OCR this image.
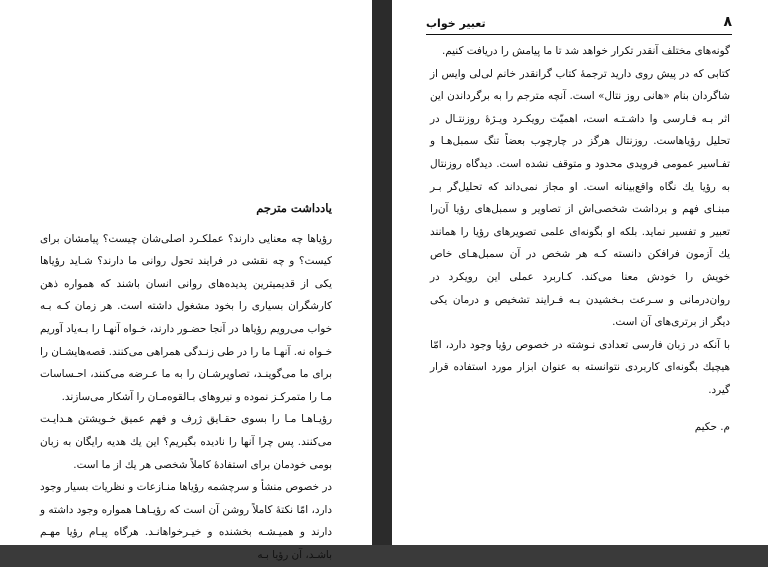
یادداشت مترجم

رؤیاها چه معنایی دارند؟ عملکـرد اصلی‌شان چیست؟ پیامشان برای کیست؟ و چه نقشی در فرایند تحول روانی ما دارند؟ شـاید رؤیاها یکی از قدیمیترین پدیده‌های روانی انسان باشند که همواره ذهن کارشگران بسیاری را بخود مشغول داشته است. هر زمان کـه بـه خواب می‌رویم رؤیاها در آنجا حضـور دارند، خـواه آنهـا را بـه‌یاد آوریم خـواه نه. آنهـا ما را در طی زنـدگی همراهی می‌کنند. قصه‌هایشـان را برای ما می‌گوینـد، تصاویرشـان را به ما عـرضه می‌کنند، احـساسات مـا را متمرکـز نموده و نیروهای بـالقوه‌مـان را آشکار می‌سازند.

رؤیـاهـا مـا را بسوی حقـایق ژرف و فهم عمیق خـویشتن هـدایـت می‌کنند. پس چرا آنها را نادیده بگیریم؟ این یك هدیه رایگان به زبان بومی خودمان برای استفادهٔ کاملاً شخصی هر یك از ما است.

در خصوص منشأ و سرچشمه رؤیاها منـازعات و نظریات بسیار وجود دارد، امّا نکتهٔ کاملاً روشن آن است که رؤیـاهـا همواره وجود داشته و دارند و همیـشـه بخشنده و خیـرخواهانـد. هرگاه پیـام رؤیا مهـم باشـد، آن رؤیا بـه

۸
تعبیر خواب

گونه‌های مختلف آنقدر تکرار خواهد شد تا ما پیامش را دریافت کنیم.

کتابی که در پیش روی دارید ترجمهٔ کتاب گرانقدر خانم لی‌لی وایس از شاگردان بنام «هانی روز نتال» است. آنچه مترجم را به برگرداندن این اثر بـه فـارسی وا داشـتـه است، اهمیّت رویکـرد ویـژهٔ روزنتـال در تحلیل رؤیاهاست. روزنتال هرگز در چارچوب بعضاً تنگ سمبل‌هـا و تفـاسیر عمومی فرویدی محدود و متوقف نشده است. دیدگاه روزنتال به رؤیا یك نگاه واقع‌بینانه است. او مجاز نمی‌داند كه تحلیل‌گر بـر مبنـای فهم و برداشت شخصی‌اش از تصاویر و سمبل‌های رؤیا آن‌را تعبیر و تفسیر نماید. بلکه او بگونه‌ای علمی تصویرهای رؤیا را همانند یك آزمون فرافکن دانسته کـه هر شخص در آن سمبل‌هـای خاص خویش را خودش معنا می‌کند. کـاربرد عملی این رویکرد در روان‌درمانی و سـرعت بـخشیدن بـه فـرایند تشخیص و درمان یکی دیگر از برتری‌های آن است.

با آنکه در زبان فارسی تعدادی نـوشته در خصوص رؤیا وجود دارد، امّا هیچیك بگونه‌ای کاربردی نتوانسته به عنوان ابزار مورد استفاده قرار گیرد.

م. حکیم
